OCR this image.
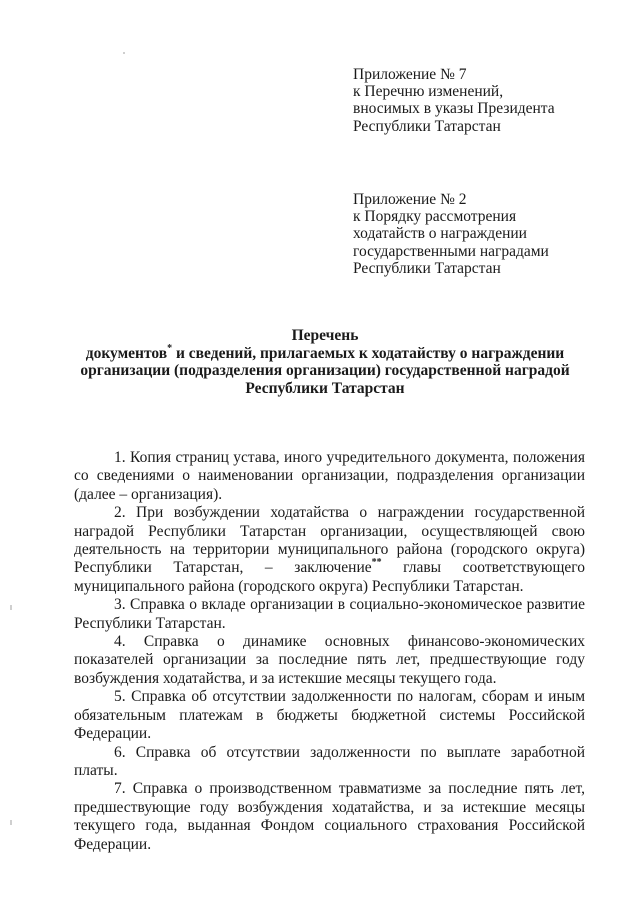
Приложение № 7
к Перечню изменений,
вносимых в указы Президента
Республики Татарстан
Приложение № 2
к Порядку рассмотрения
ходатайств о награждении
государственными наградами
Республики Татарстан
Перечень
документов* и сведений, прилагаемых к ходатайству о награждении
организации (подразделения организации) государственной наградой
Республики Татарстан

1. Копия страниц устава, иного учредительного документа, положения со сведениями о наименовании организации, подразделения организации (далее – организация).

2. При возбуждении ходатайства о награждении государственной наградой Республики Татарстан организации, осуществляющей свою деятельность на территории муниципального района (городского округа) Республики Татарстан, – заключение** главы соответствующего муниципального района (городского округа) Республики Татарстан.

3. Справка о вкладе организации в социально-экономическое развитие Республики Татарстан.

4. Справка о динамике основных финансово-экономических показателей организации за последние пять лет, предшествующие году возбуждения ходатайства, и за истекшие месяцы текущего года.

5. Справка об отсутствии задолженности по налогам, сборам и иным обязательным платежам в бюджеты бюджетной системы Российской Федерации.

6. Справка об отсутствии задолженности по выплате заработной платы.

7. Справка о производственном травматизме за последние пять лет, предшествующие году возбуждения ходатайства, и за истекшие месяцы текущего года, выданная Фондом социального страхования Российской Федерации.
